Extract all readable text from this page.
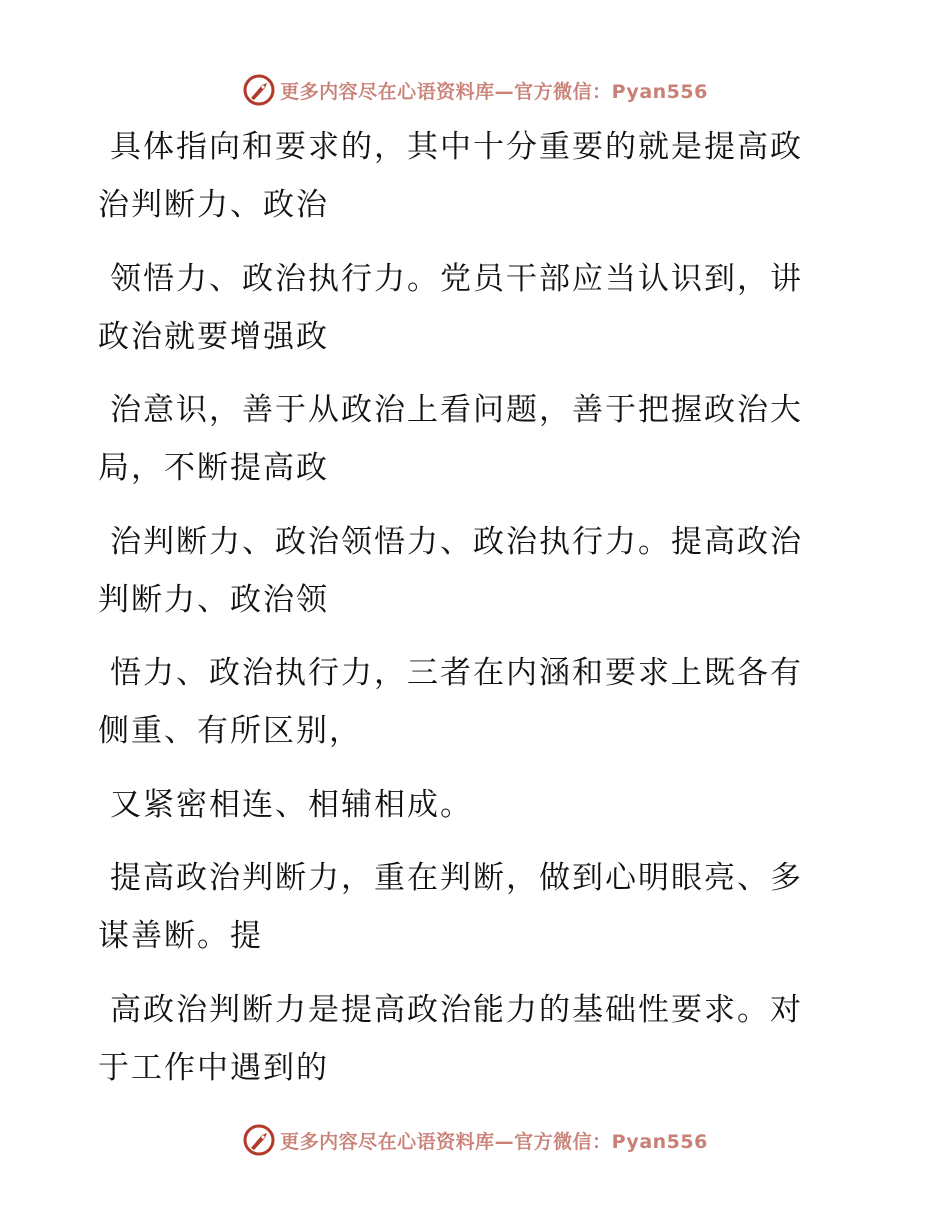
更多内容尽在心语资料库—官方微信：Pyan556

具体指向和要求的，其中十分重要的就是提高政
治判断力、政治

领悟力、政治执行力。党员干部应当认识到，讲
政治就要增强政

治意识，善于从政治上看问题，善于把握政治大
局，不断提高政

治判断力、政治领悟力、政治执行力。提高政治
判断力、政治领

悟力、政治执行力，三者在内涵和要求上既各有
侧重、有所区别，

又紧密相连、相辅相成。

提高政治判断力，重在判断，做到心明眼亮、多
谋善断。提

高政治判断力是提高政治能力的基础性要求。对
于工作中遇到的

更多内容尽在心语资料库—官方微信：Pyan556
